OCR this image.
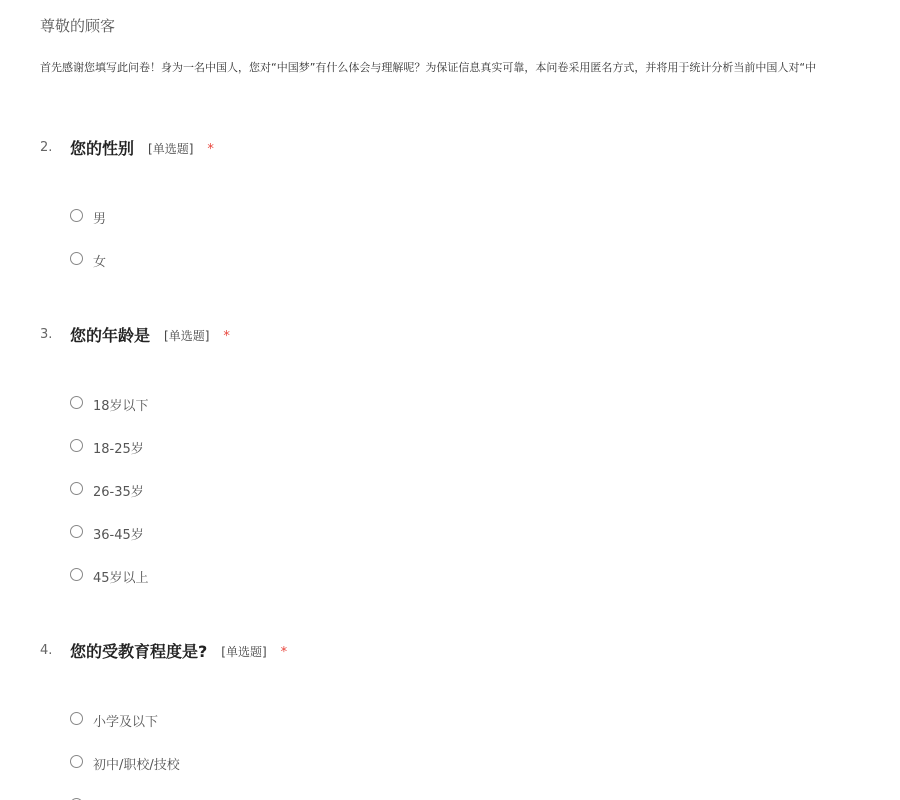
尊敬的顾客
首先感谢您填写此问卷！身为一名中国人，您对“中国梦”有什么体会与理解呢？为保证信息真实可靠，本问卷采用匿名方式，并将用于统计分析当前中国人对“中
2. 您的性别 [单选题] *
男
女
3. 您的年龄是 [单选题] *
18岁以下
18-25岁
26-35岁
36-45岁
45岁以上
4. 您的受教育程度是? [单选题] *
小学及以下
初中/职校/技校
